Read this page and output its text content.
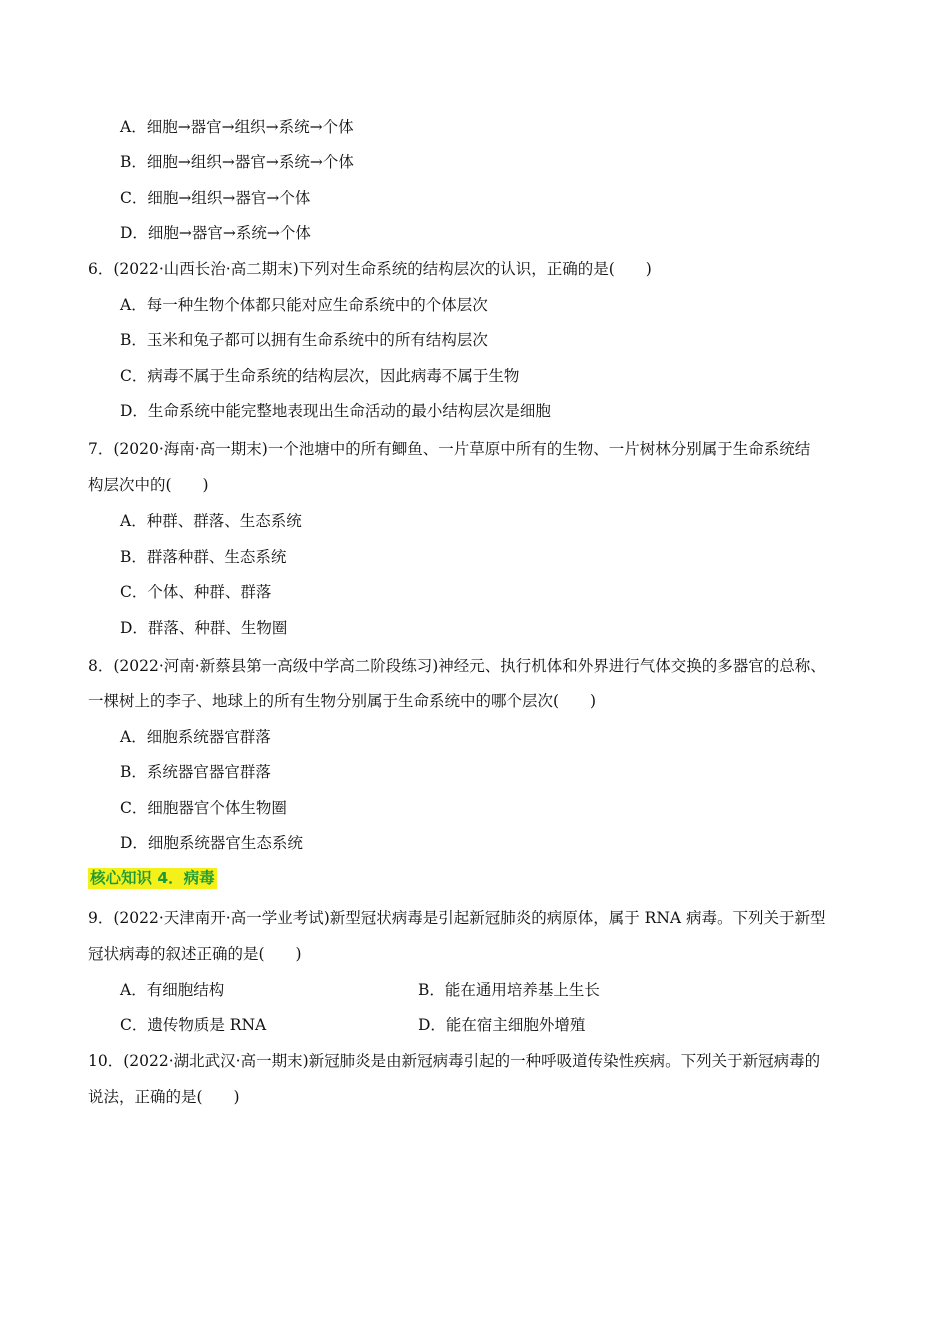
A．细胞→器官→组织→系统→个体
B．细胞→组织→器官→系统→个体
C．细胞→组织→器官→个体
D．细胞→器官→系统→个体
6．(2022·山西长治·高二期末)下列对生命系统的结构层次的认识，正确的是(　　)
A．每一种生物个体都只能对应生命系统中的个体层次
B．玉米和兔子都可以拥有生命系统中的所有结构层次
C．病毒不属于生命系统的结构层次，因此病毒不属于生物
D．生命系统中能完整地表现出生命活动的最小结构层次是细胞
7．(2020·海南·高一期末)一个池塘中的所有鲫鱼、一片草原中所有的生物、一片树林分别属于生命系统结
构层次中的(　　)
A．种群、群落、生态系统
B．群落种群、生态系统
C．个体、种群、群落
D．群落、种群、生物圈
8．(2022·河南·新蔡县第一高级中学高二阶段练习)神经元、执行机体和外界进行气体交换的多器官的总称、
一棵树上的李子、地球上的所有生物分别属于生命系统中的哪个层次(　　)
A．细胞系统器官群落
B．系统器官器官群落
C．细胞器官个体生物圈
D．细胞系统器官生态系统
核心知识 4．病毒
9．(2022·天津南开·高一学业考试)新型冠状病毒是引起新冠肺炎的病原体，属于 RNA 病毒。下列关于新型
冠状病毒的叙述正确的是(　　)
A．有细胞结构	B．能在通用培养基上生长
C．遗传物质是 RNA	D．能在宿主细胞外增殖
10．(2022·湖北武汉·高一期末)新冠肺炎是由新冠病毒引起的一种呼吸道传染性疾病。下列关于新冠病毒的
说法，正确的是(　　)
